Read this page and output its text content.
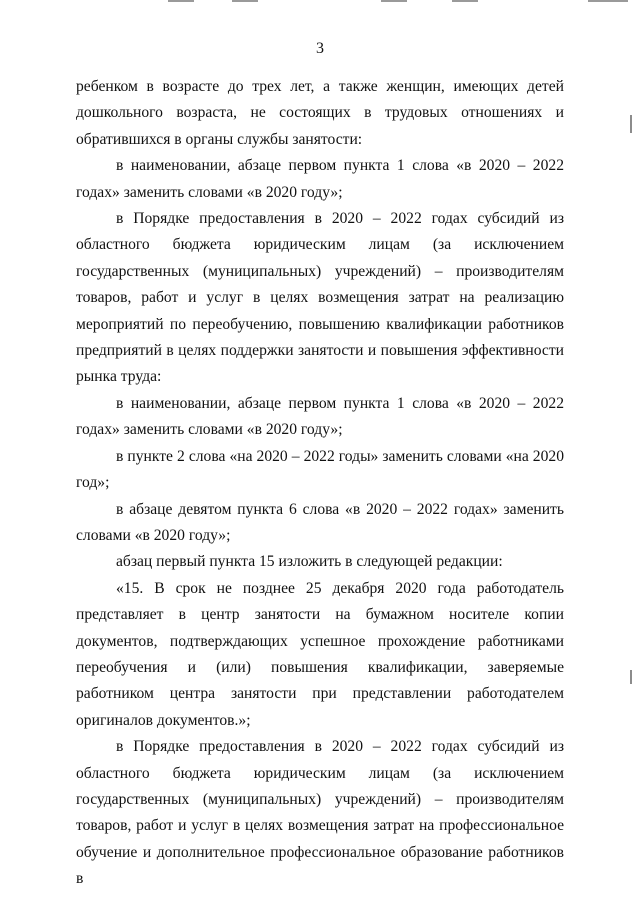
3

ребенком в возрасте до трех лет, а также женщин, имеющих детей дошкольного возраста, не состоящих в трудовых отношениях и обратившихся в органы службы занятости:

в наименовании, абзаце первом пункта 1 слова «в 2020 – 2022 годах» заменить словами «в 2020 году»;

в Порядке предоставления в 2020 – 2022 годах субсидий из областного бюджета юридическим лицам (за исключением государственных (муниципальных) учреждений) – производителям товаров, работ и услуг в целях возмещения затрат на реализацию мероприятий по переобучению, повышению квалификации работников предприятий в целях поддержки занятости и повышения эффективности рынка труда:

в наименовании, абзаце первом пункта 1 слова «в 2020 – 2022 годах» заменить словами «в 2020 году»;

в пункте 2 слова «на 2020 – 2022 годы» заменить словами «на 2020 год»;

в абзаце девятом пункта 6 слова «в 2020 – 2022 годах» заменить словами «в 2020 году»;

абзац первый пункта 15 изложить в следующей редакции:

«15. В срок не позднее 25 декабря 2020 года работодатель представляет в центр занятости на бумажном носителе копии документов, подтверждающих успешное прохождение работниками переобучения и (или) повышения квалификации, заверяемые работником центра занятости при представлении работодателем оригиналов документов.»;

в Порядке предоставления в 2020 – 2022 годах субсидий из областного бюджета юридическим лицам (за исключением государственных (муниципальных) учреждений) – производителям товаров, работ и услуг в целях возмещения затрат на профессиональное обучение и дополнительное профессиональное образование работников в
